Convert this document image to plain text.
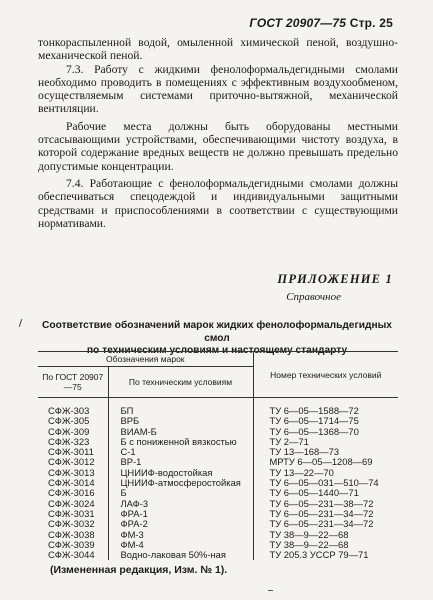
ГОСТ 20907—75 Стр. 25

тонкораспыленной водой, омыленной химической пеной, воздушно-механической пеной.

7.3. Работу с жидкими фенолоформальдегидными смолами необходимо проводить в помещениях с эффективным воздухообменом, осуществляемым системами приточно-вытяжной, механической вентиляции.

Рабочие места должны быть оборудованы местными отсасывающими устройствами, обеспечивающими чистоту воздуха, в которой содержание вредных веществ не должно превышать предельно допустимые концентрации.

7.4. Работающие с фенолоформальдегидными смолами должны обеспечиваться спецодеждой и индивидуальными защитными средствами и приспособлениями в соответствии с существующими нормативами.

ПРИЛОЖЕНИЕ 1
Справочное
Соответствие обозначений марок жидких фенолоформальдегидных смол
по техническим условиям и настоящему стандарту
Обозначения марок		Номер технических условий
По ГОСТ 20907—75	По техническим условиям	
СФЖ-303	БП	ТУ 6—05—1588—72
СФЖ-305	ВРБ	ТУ 6—05—1714—75
СФЖ-309	ВИАМ-Б	ТУ 6—05—1368—70
СФЖ-323	Б с пониженной вязкостью	ТУ 2—71
СФЖ-3011	С-1	ТУ 13—168—73
СФЖ-3012	ВР-1	МРТУ 6—05—1208—69
СФЖ-3013	ЦНИИФ-водостойкая	ТУ 13—22—70
СФЖ-3014	ЦНИИФ-атмосферостойкая	ТУ 6—05—031—510—74
СФЖ-3016	Б	ТУ 6—05—1440—71
СФЖ-3024	ЛАФ-3	ТУ 6—05—231—38—72
СФЖ-3031	ФРА-1	ТУ 6—05—231—34—72
СФЖ-3032	ФРА-2	ТУ 6—05—231—34—72
СФЖ-3038	ФМ-3	ТУ 38—9—22—68
СФЖ-3039	ФМ-4	ТУ 38—9—22—68
СФЖ-3044	Водно-лаковая 50%-ная	ТУ 205.3 УССР 79—71
(Измененная редакция, Изм. № 1).
